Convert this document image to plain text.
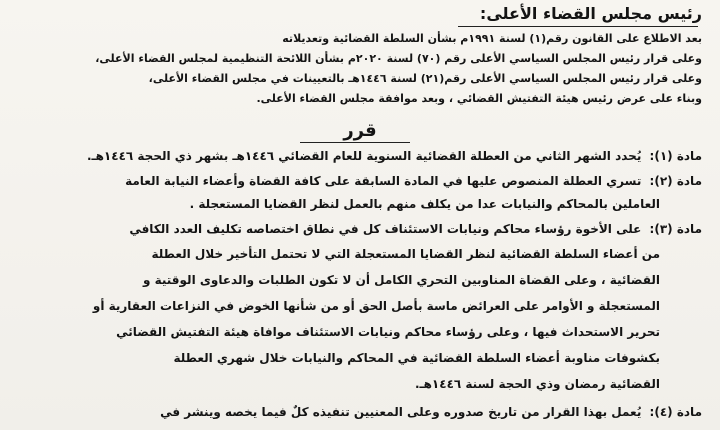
رئيس مجلس القضاء الأعلى:
بعد الاطلاع على القانون رقم(١) لسنة ١٩٩١م بشأن السلطة القضائية وتعديلاته
وعلى قرار رئيس المجلس السياسي الأعلى رقم (٧٠) لسنة ٢٠٢٠م بشأن اللائحة التنظيمية لمجلس القضاء الأعلى،
وعلى قرار رئيس المجلس السياسي الأعلى رقم(٢١) لسنة ١٤٤٦هـ بالتعيينات في مجلس القضاء الأعلى،
وبناء على عرض رئيس هيئة التفتيش القضائي ، وبعد موافقة مجلس القضاء الأعلى.
قرر
مادة (١): يُحدد الشهر الثاني من العطلة القضائية السنوية للعام القضائي ١٤٤٦هـ بشهر ذي الحجة ١٤٤٦هـ.
مادة (٢): تسري العطلة المنصوص عليها في المادة السابقة على كافة القضاة وأعضاء النيابة العامة
العاملين بالمحاكم والنيابات عدا من يكلف منهم بالعمل لنظر القضايا المستعجلة .
مادة (٣): على الأخوة رؤساء محاكم ونيابات الاستئناف كل في نطاق اختصاصه تكليف العدد الكافي
من أعضاء السلطة القضائية لنظر القضايا المستعجلة التي لا تحتمل التأخير خلال العطلة
القضائية ، وعلى القضاة المناوبين التحري الكامل أن لا تكون الطلبات والدعاوى الوقتية و
المستعجلة و الأوامر على العرائض ماسة بأصل الحق أو من شأنها الخوض في النزاعات العقارية أو
تحرير الاستحداث فيها ، وعلى رؤساء محاكم ونيابات الاستئناف موافاة هيئة التفتيش القضائي
بكشوفات مناوبة أعضاء السلطة القضائية في المحاكم والنيابات خلال شهري العطلة
القضائية رمضان وذي الحجة لسنة ١٤٤٦هـ.
مادة (٤): يُعمل بهذا القرار من تاريخ صدوره وعلى المعنيين تنفيذه كلٌ فيما يخصه وينشر في
